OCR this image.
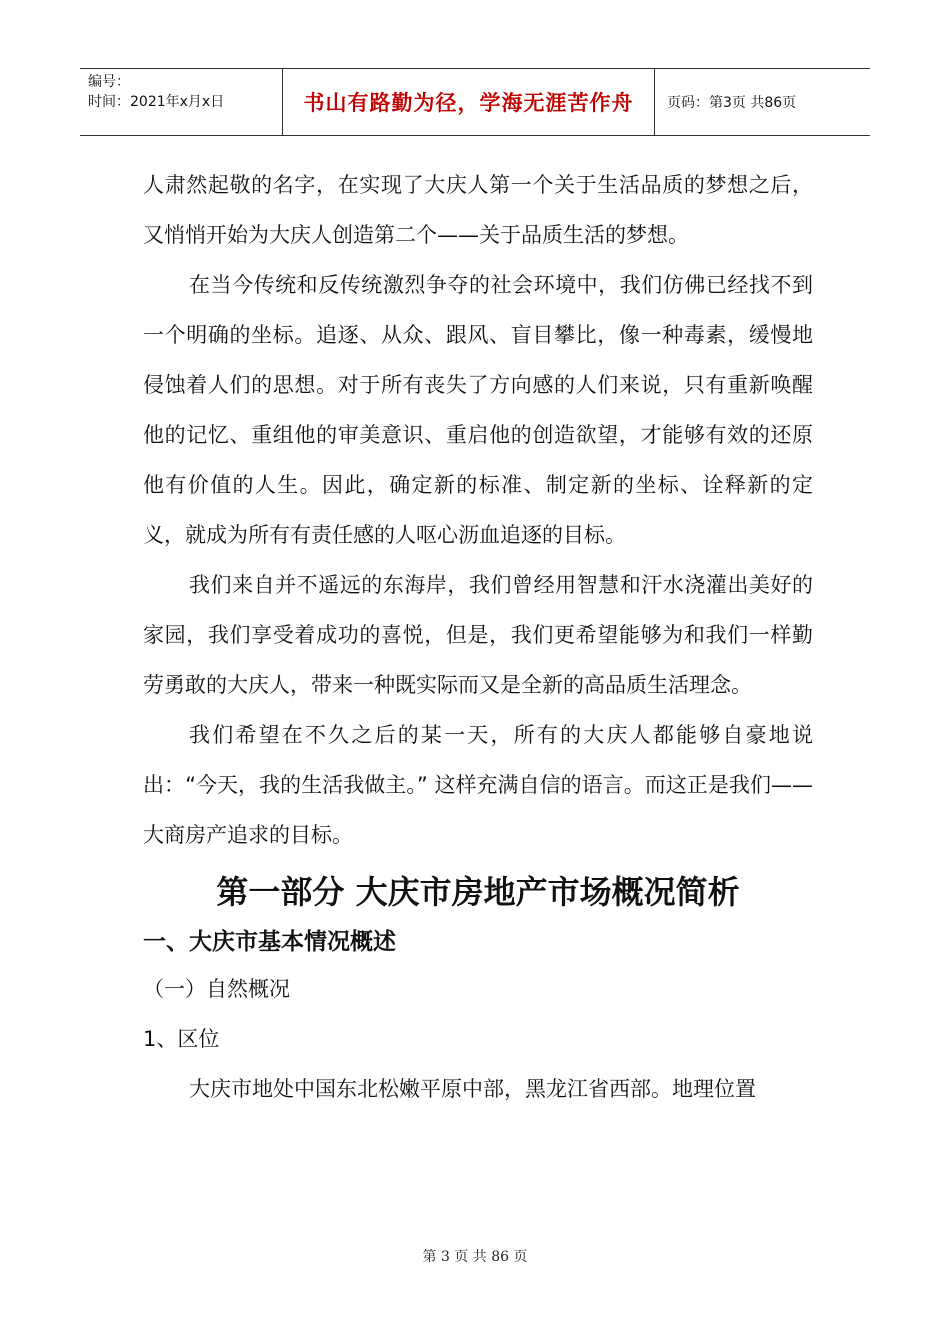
编号：
时间：2021年x月x日	书山有路勤为径，学海无涯苦作舟 页码：第3页 共86页

人肃然起敬的名字，在实现了大庆人第一个关于生活品质的梦想之后，又悄悄开始为大庆人创造第二个——关于品质生活的梦想。

在当今传统和反传统激烈争夺的社会环境中，我们仿佛已经找不到一个明确的坐标。追逐、从众、跟风、盲目攀比，像一种毒素，缓慢地侵蚀着人们的思想。对于所有丧失了方向感的人们来说，只有重新唤醒他的记忆、重组他的审美意识、重启他的创造欲望，才能够有效的还原他有价值的人生。因此，确定新的标准、制定新的坐标、诠释新的定义，就成为所有有责任感的人呕心沥血追逐的目标。

我们来自并不遥远的东海岸，我们曾经用智慧和汗水浇灌出美好的家园，我们享受着成功的喜悦，但是，我们更希望能够为和我们一样勤劳勇敢的大庆人，带来一种既实际而又是全新的高品质生活理念。

我们希望在不久之后的某一天，所有的大庆人都能够自豪地说出：“今天，我的生活我做主。” 这样充满自信的语言。而这正是我们——大商房产追求的目标。

第一部分 大庆市房地产市场概况简析
一、大庆市基本情况概述

（一）自然概况

1、区位

大庆市地处中国东北松嫩平原中部，黑龙江省西部。地理位置

第 3 页 共 86 页
